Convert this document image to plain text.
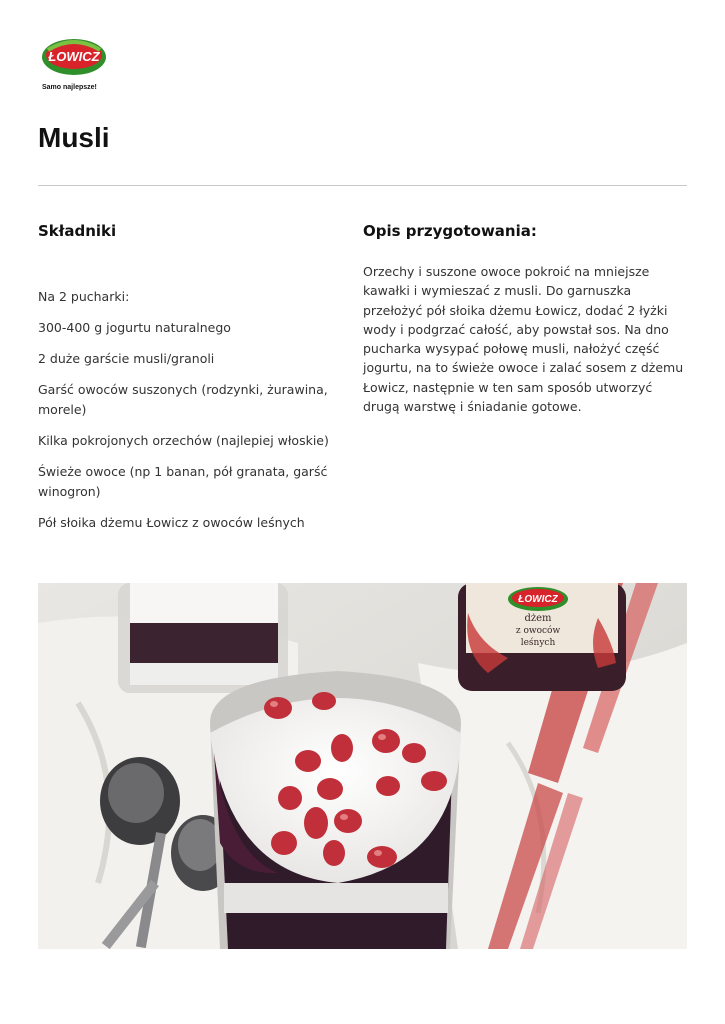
ŁOWICZ
Samo najlepsze!
Musli
Składniki
Na 2 pucharki:
300-400 g jogurtu naturalnego
2 duże garście musli/granoli
Garść owoców suszonych (rodzynki, żurawina, morele)
Kilka pokrojonych orzechów (najlepiej włoskie)
Świeże owoce (np 1 banan, pół granata, garść winogron)
Pół słoika dżemu Łowicz z owoców leśnych
Opis przygotowania:

Orzechy i suszone owoce pokroić na mniejsze kawałki i wymieszać z musli. Do garnuszka przełożyć pół słoika dżemu Łowicz, dodać 2 łyżki wody i podgrzać całość, aby powstał sos. Na dno pucharka wysypać połowę musli, nałożyć część jogurtu, na to świeże owoce i zalać sosem z dżemu Łowicz, następnie w ten sam sposób utworzyć drugą warstwę i śniadanie gotowe.

ŁOWICZ
dżem
z owoców
leśnych
